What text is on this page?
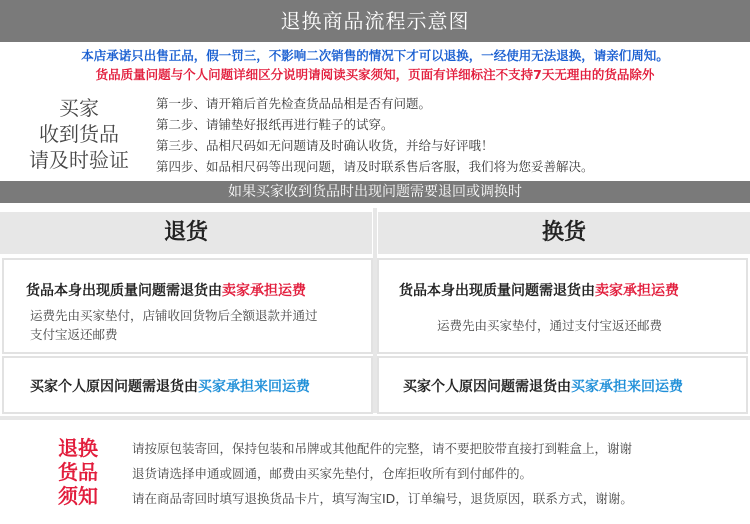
退换商品流程示意图
本店承诺只出售正品，假一罚三，不影响二次销售的情况下才可以退换，一经使用无法退换，请亲们周知。
货品质量问题与个人问题详细区分说明请阅读买家须知，页面有详细标注不支持7天无理由的货品除外
买家
收到货品
请及时验证
第一步、请开箱后首先检查货品品相是否有问题。
第二步、请铺垫好报纸再进行鞋子的试穿。
第三步、品相尺码如无问题请及时确认收货，并给与好评哦！
第四步、如品相尺码等出现问题，请及时联系售后客服，我们将为您妥善解决。
如果买家收到货品时出现问题需要退回或调换时
退货	换货
货品本身出现质量问题需退货由卖家承担运费
运费先由买家垫付，店铺收回货物后全额退款并通过
支付宝返还邮费
货品本身出现质量问题需退货由卖家承担运费
运费先由买家垫付，通过支付宝返还邮费
买家个人原因问题需退货由买家承担来回运费	买家个人原因问题需退货由买家承担来回运费
退换
货品
须知
请按原包装寄回，保持包装和吊牌或其他配件的完整，请不要把胶带直接打到鞋盒上，谢谢
退货请选择申通或圆通，邮费由买家先垫付，仓库拒收所有到付邮件的。
请在商品寄回时填写退换货品卡片，填写淘宝ID，订单编号，退货原因，联系方式，谢谢。
